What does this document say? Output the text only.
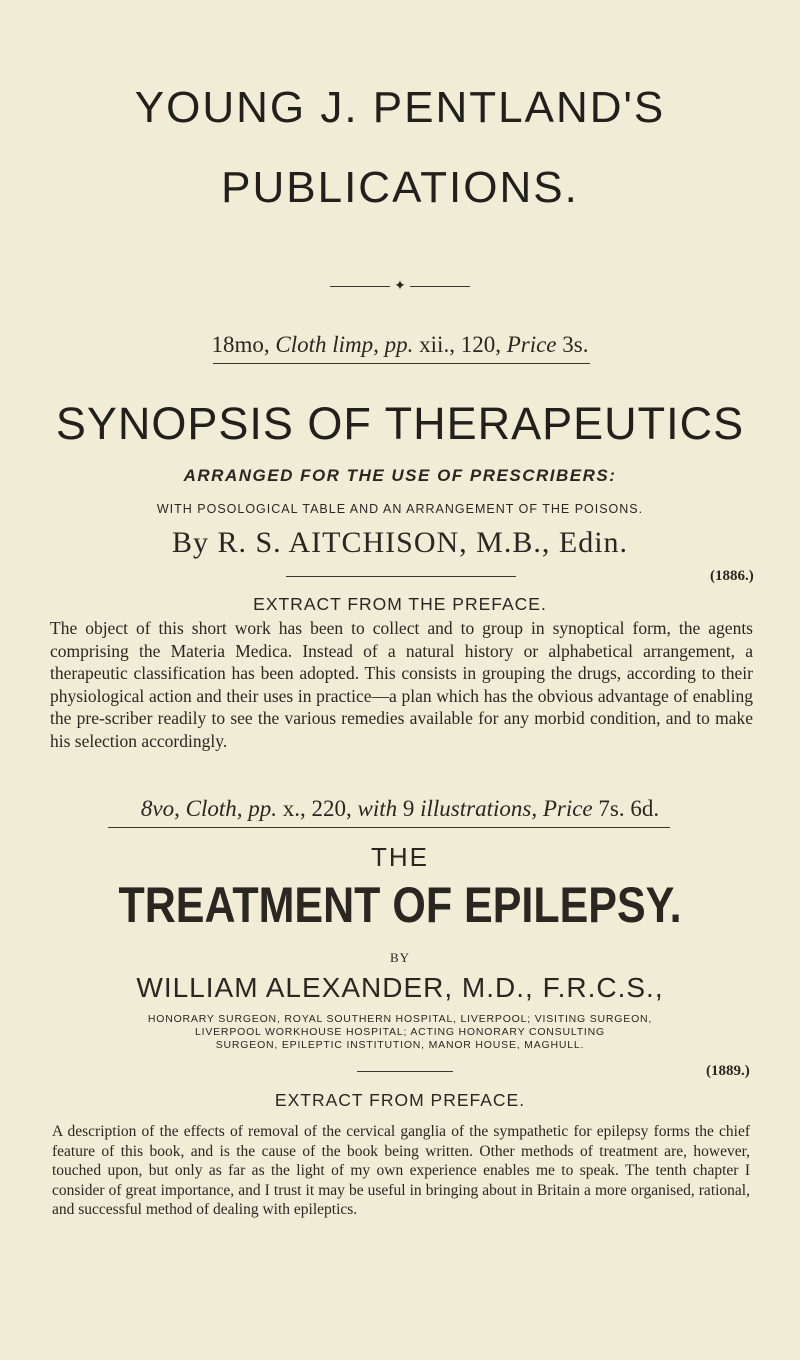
YOUNG J. PENTLAND'S
PUBLICATIONS.
✦
18mo, Cloth limp, pp. xii., 120, Price 3s.
SYNOPSIS OF THERAPEUTICS
ARRANGED FOR THE USE OF PRESCRIBERS:
WITH POSOLOGICAL TABLE AND AN ARRANGEMENT OF THE POISONS.
By R. S. AITCHISON, M.B., Edin.
(1886.)
EXTRACT FROM THE PREFACE.
The object of this short work has been to collect and to group in synoptical form, the agents comprising the Materia Medica. Instead of a natural history or alphabetical arrangement, a therapeutic classification has been adopted. This consists in grouping the drugs, according to their physiological action and their uses in practice—a plan which has the obvious advantage of enabling the pre-scriber readily to see the various remedies available for any morbid condition, and to make his selection accordingly.
8vo, Cloth, pp. x., 220, with 9 illustrations, Price 7s. 6d.
THE
TREATMENT OF EPILEPSY.
BY
WILLIAM ALEXANDER, M.D., F.R.C.S.,
HONORARY SURGEON, ROYAL SOUTHERN HOSPITAL, LIVERPOOL; VISITING SURGEON,
LIVERPOOL WORKHOUSE HOSPITAL; ACTING HONORARY CONSULTING
SURGEON, EPILEPTIC INSTITUTION, MANOR HOUSE, MAGHULL.
(1889.)
EXTRACT FROM PREFACE.
A description of the effects of removal of the cervical ganglia of the sympathetic for epilepsy forms the chief feature of this book, and is the cause of the book being written. Other methods of treatment are, however, touched upon, but only as far as the light of my own experience enables me to speak. The tenth chapter I consider of great importance, and I trust it may be useful in bringing about in Britain a more organised, rational, and successful method of dealing with epileptics.
